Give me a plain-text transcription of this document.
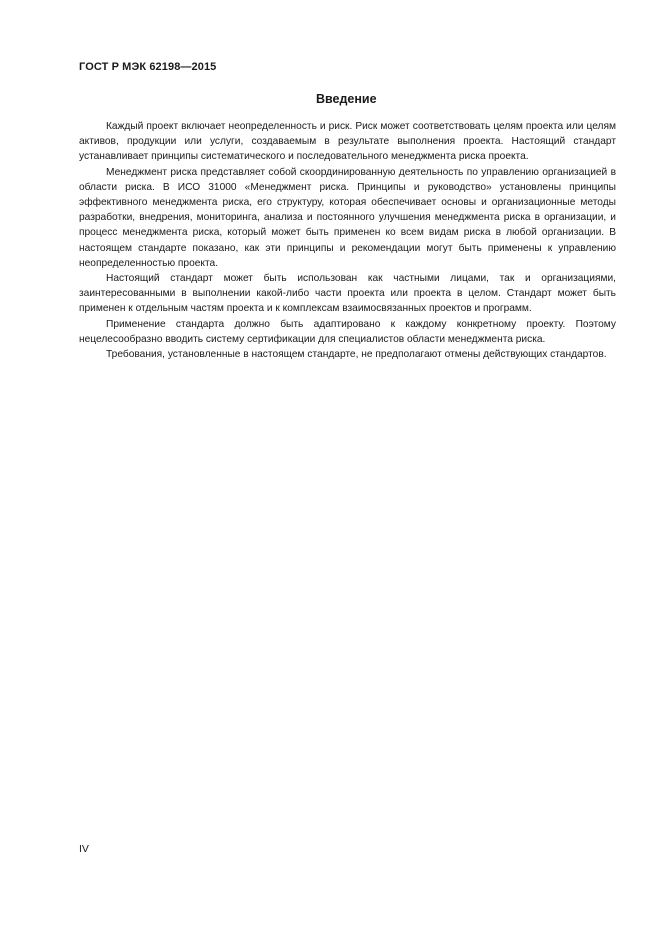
ГОСТ Р МЭК 62198—2015
Введение

Каждый проект включает неопределенность и риск. Риск может соответствовать целям проекта или целям активов, продукции или услуги, создаваемым в результате выполнения проекта. Настоящий стандарт устанавливает принципы систематического и последовательного менеджмента риска проекта.

Менеджмент риска представляет собой скоординированную деятельность по управлению организацией в области риска. В ИСО 31000 «Менеджмент риска. Принципы и руководство» установлены принципы эффективного менеджмента риска, его структуру, которая обеспечивает основы и организационные методы разработки, внедрения, мониторинга, анализа и постоянного улучшения менеджмента риска в организации, и процесс менеджмента риска, который может быть применен ко всем видам риска в любой организации. В настоящем стандарте показано, как эти принципы и рекомендации могут быть применены к управлению неопределенностью проекта.

Настоящий стандарт может быть использован как частными лицами, так и организациями, заинтересованными в выполнении какой-либо части проекта или проекта в целом. Стандарт может быть применен к отдельным частям проекта и к комплексам взаимосвязанных проектов и программ.

Применение стандарта должно быть адаптировано к каждому конкретному проекту. Поэтому нецелесообразно вводить систему сертификации для специалистов области менеджмента риска.

Требования, установленные в настоящем стандарте, не предполагают отмены действующих стандартов.

IV
